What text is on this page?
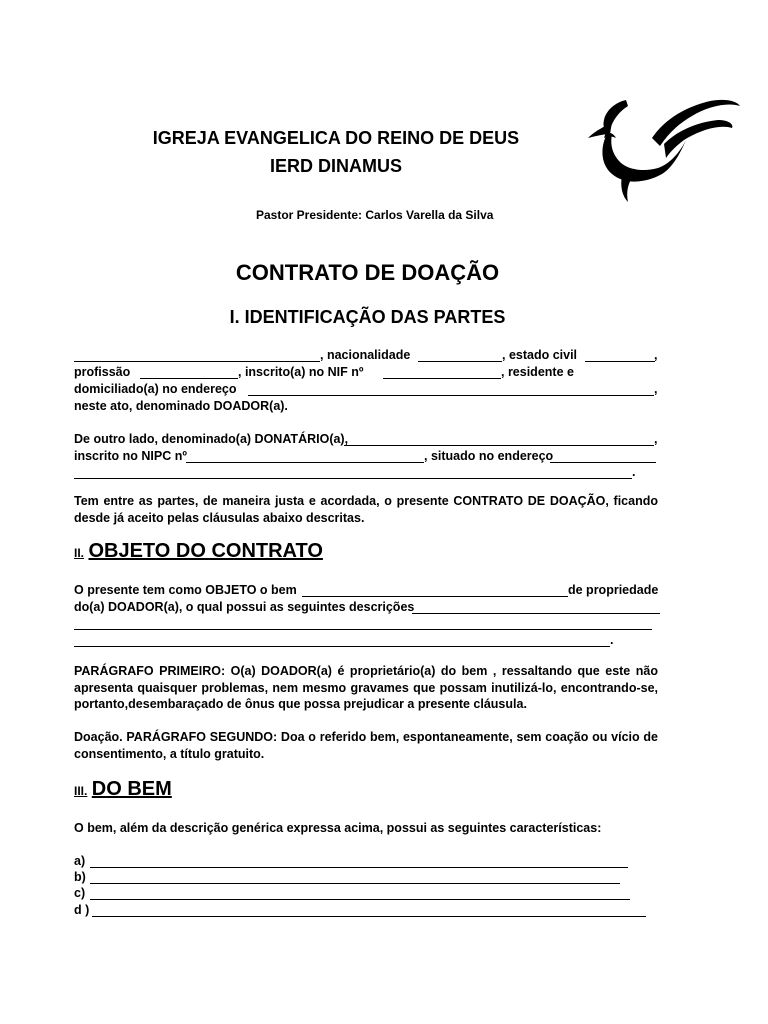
IGREJA EVANGELICA DO REINO DE DEUS
IERD DINAMUS
Pastor Presidente: Carlos Varella da Silva
CONTRATO DE DOAÇÃO
I. IDENTIFICAÇÃO DAS PARTES
, nacionalidade	, estado civil	,
profissão	, inscrito(a) no NIF nº	, residente e
domiciliado(a) no endereço	,
neste ato, denominado DOADOR(a).
De outro lado, denominado(a) DONATÁRIO(a),	,
inscrito no NIPC nº	, situado no endereço
.
Tem entre as partes, de maneira justa e acordada, o presente CONTRATO DE DOAÇÃO, ficando desde já aceito pelas cláusulas abaixo descritas.
II. OBJETO DO CONTRATO
O presente tem como OBJETO o bem	de propriedade
do(a) DOADOR(a), o qual possui as seguintes descrições
.
PARÁGRAFO PRIMEIRO: O(a) DOADOR(a) é proprietário(a) do bem , ressaltando que este não apresenta quaisquer problemas, nem mesmo gravames que possam inutilizá-lo, encontrando-se, portanto,desembaraçado de ônus que possa prejudicar a presente cláusula.
Doação. PARÁGRAFO SEGUNDO: Doa o referido bem, espontaneamente, sem coação ou vício de consentimento, a título gratuito.
III. DO BEM
O bem, além da descrição genérica expressa acima, possui as seguintes características:
a)
b)
c)
d )
